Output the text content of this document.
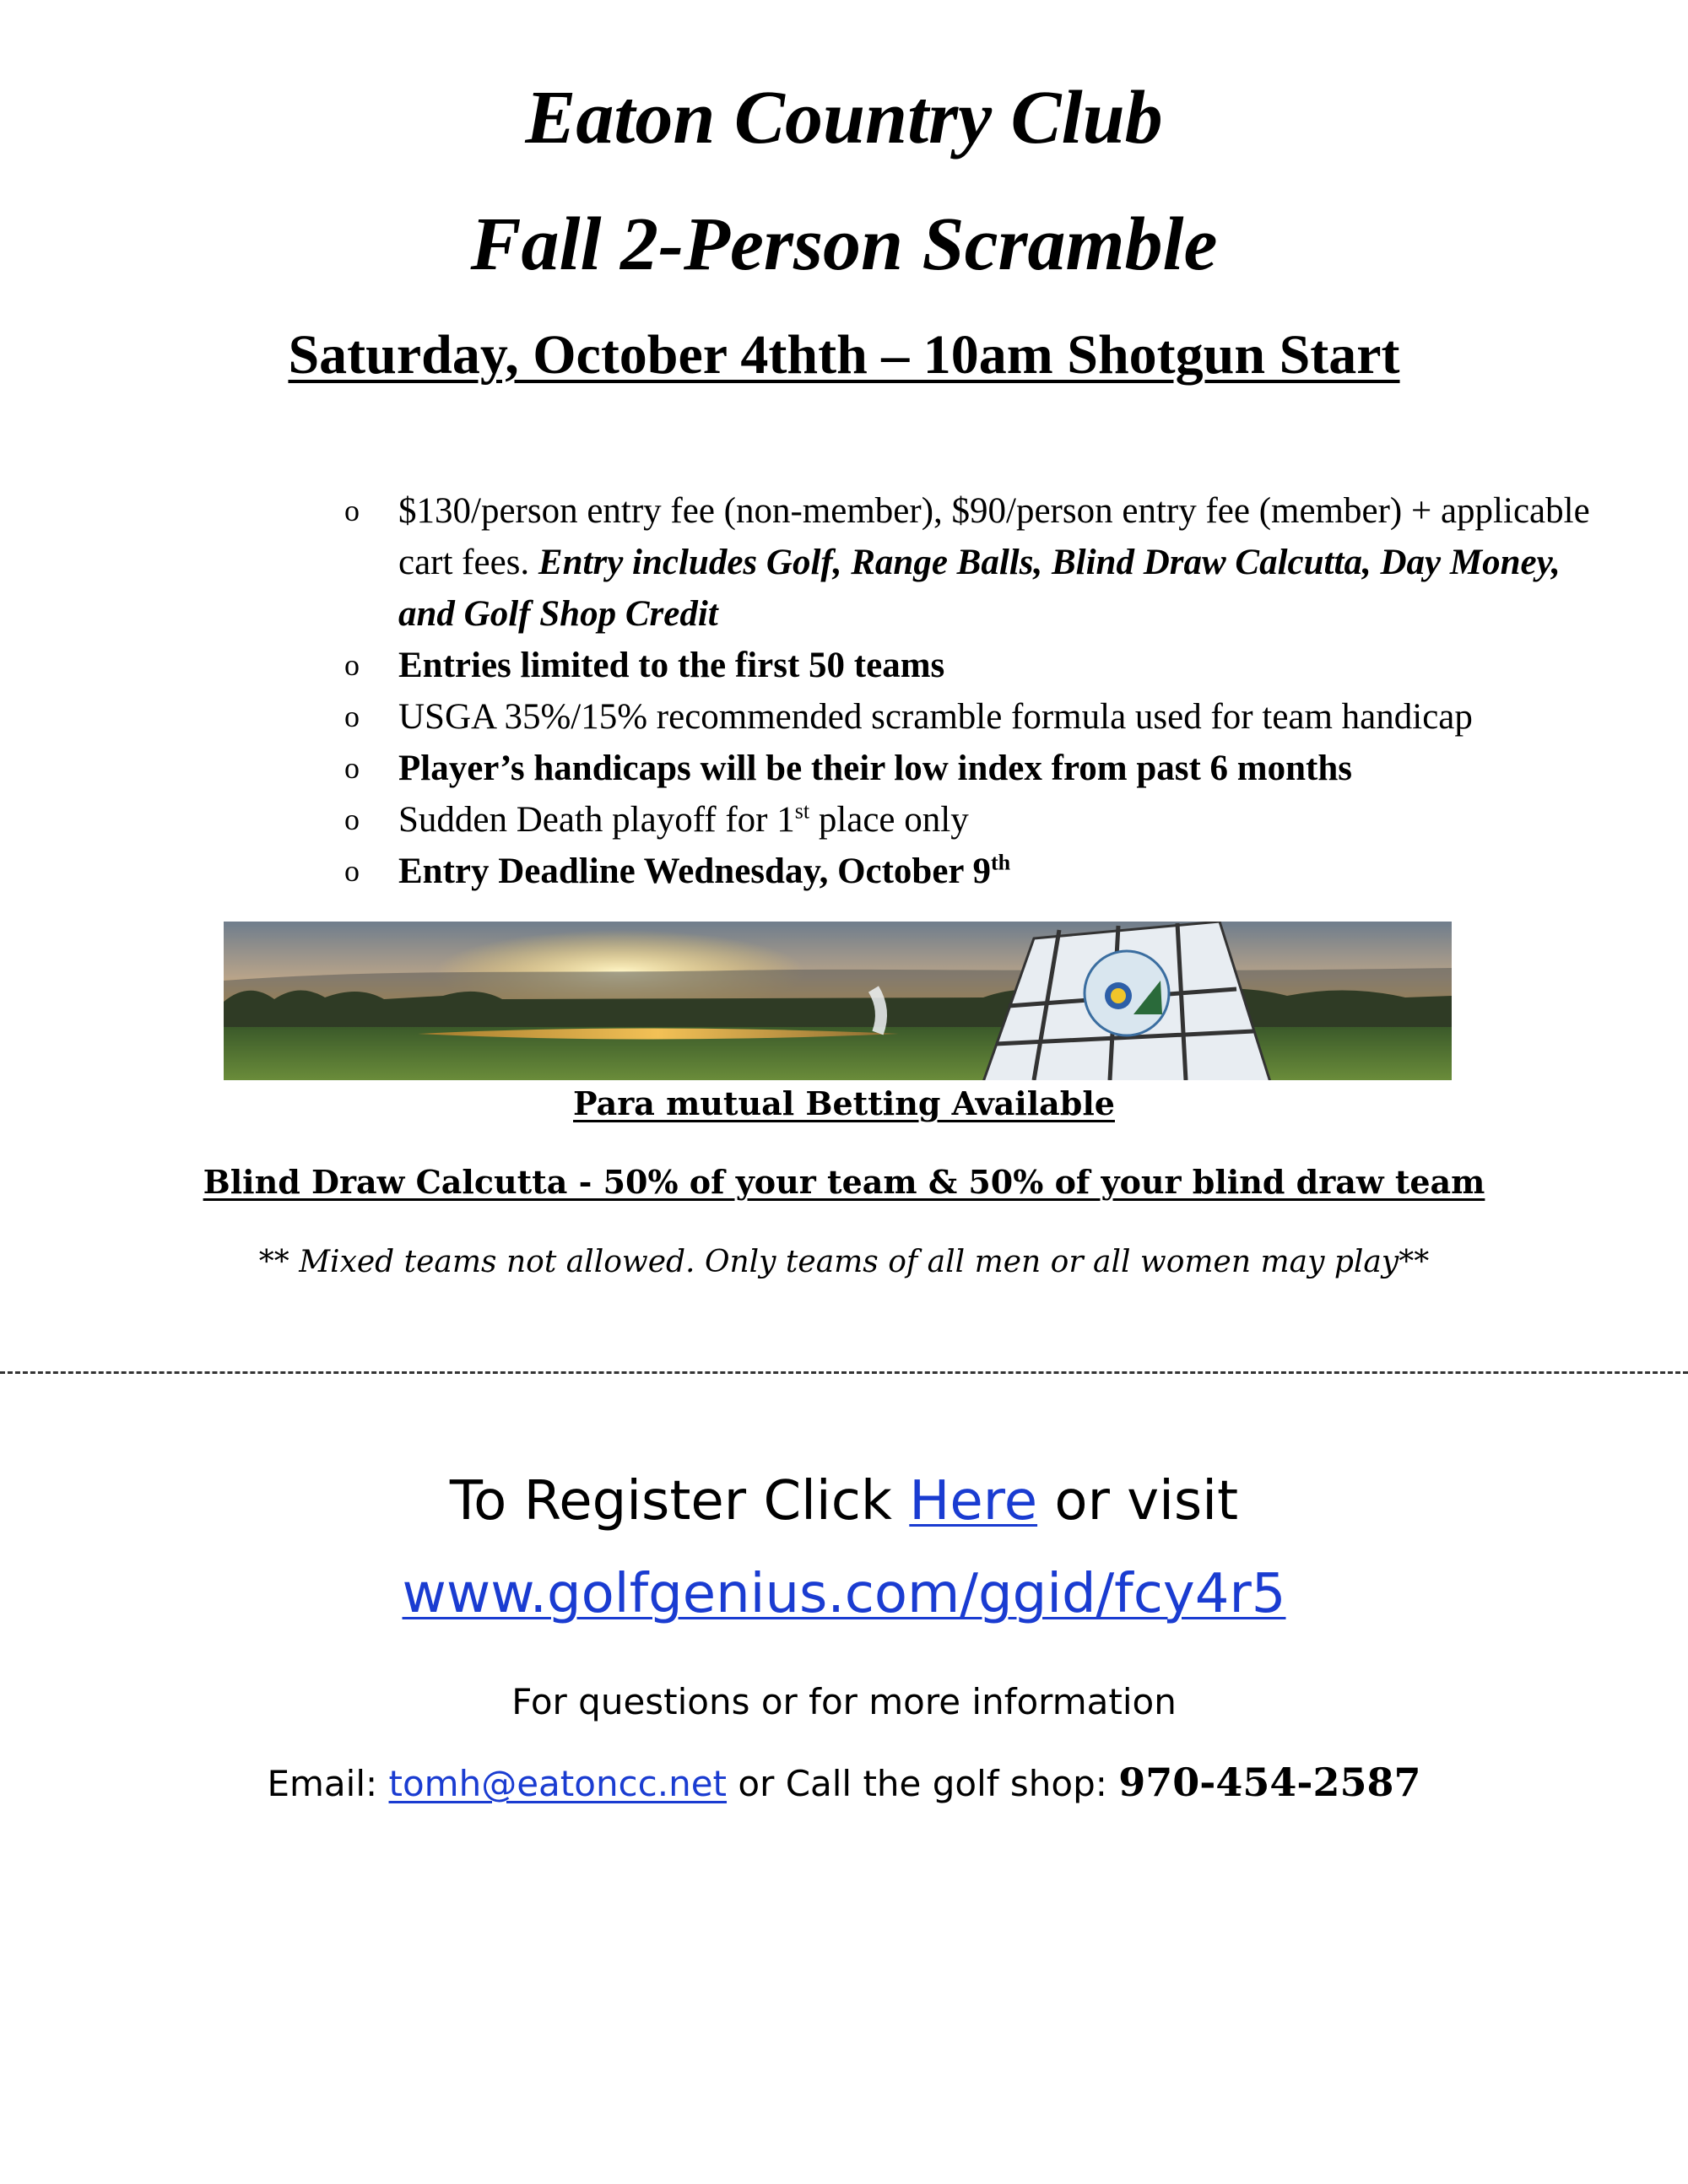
Eaton Country Club
Fall 2-Person Scramble
Saturday, October 4thth – 10am Shotgun Start
o	$130/person entry fee (non-member), $90/person entry fee (member) + applicable cart fees. Entry includes Golf, Range Balls, Blind Draw Calcutta, Day Money, and Golf Shop Credit
o	Entries limited to the first 50 teams
o	USGA 35%/15% recommended scramble formula used for team handicap
o	Player’s handicaps will be their low index from past 6 months
o	Sudden Death playoff for 1st place only
o	Entry Deadline Wednesday, October 9th
Para mutual Betting Available
Blind Draw Calcutta - 50% of your team & 50% of your blind draw team
** Mixed teams not allowed. Only teams of all men or all women may play**
To Register Click Here or visit
www.golfgenius.com/ggid/fcy4r5
For questions or for more information
Email: tomh@eatoncc.net or Call the golf shop: 970-454-2587
